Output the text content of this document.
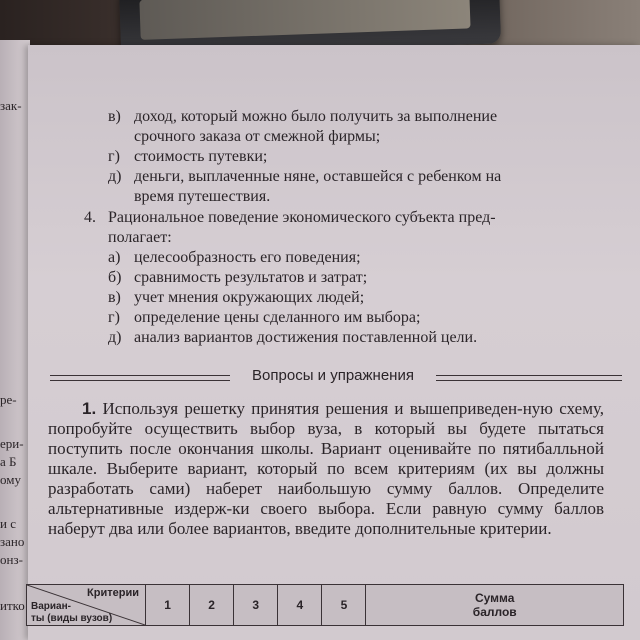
зак-
ре-
ери-
а Б
ому
и с
зано
онз-
итко
в) доход, который можно было получить за выполнение
срочного заказа от смежной фирмы;
г) стоимость путевки;
д) деньги, выплаченные няне, оставшейся с ребенком на
время путешествия.
4. Рациональное поведение экономического субъекта пред-
полагает:
а) целесообразность его поведения;
б) сравнимость результатов и затрат;
в) учет мнения окружающих людей;
г) определение цены сделанного им выбора;
д) анализ вариантов достижения поставленной цели.
Вопросы и упражнения
1. Используя решетку принятия решения и вышеприведен-ную схему, попробуйте осуществить выбор вуза, в который вы будете пытаться поступить после окончания школы. Вариант оценивайте по пятибалльной шкале. Выберите вариант, который по всем критериям (их вы должны разработать сами) наберет наибольшую сумму баллов. Определите альтернативные издерж-ки своего выбора. Если равную сумму баллов наберут два или более вариантов, введите дополнительные критерии.
Критерии
Вариан-
ты (виды вузов)
	1	2	3	4	5	Сумма
баллов
